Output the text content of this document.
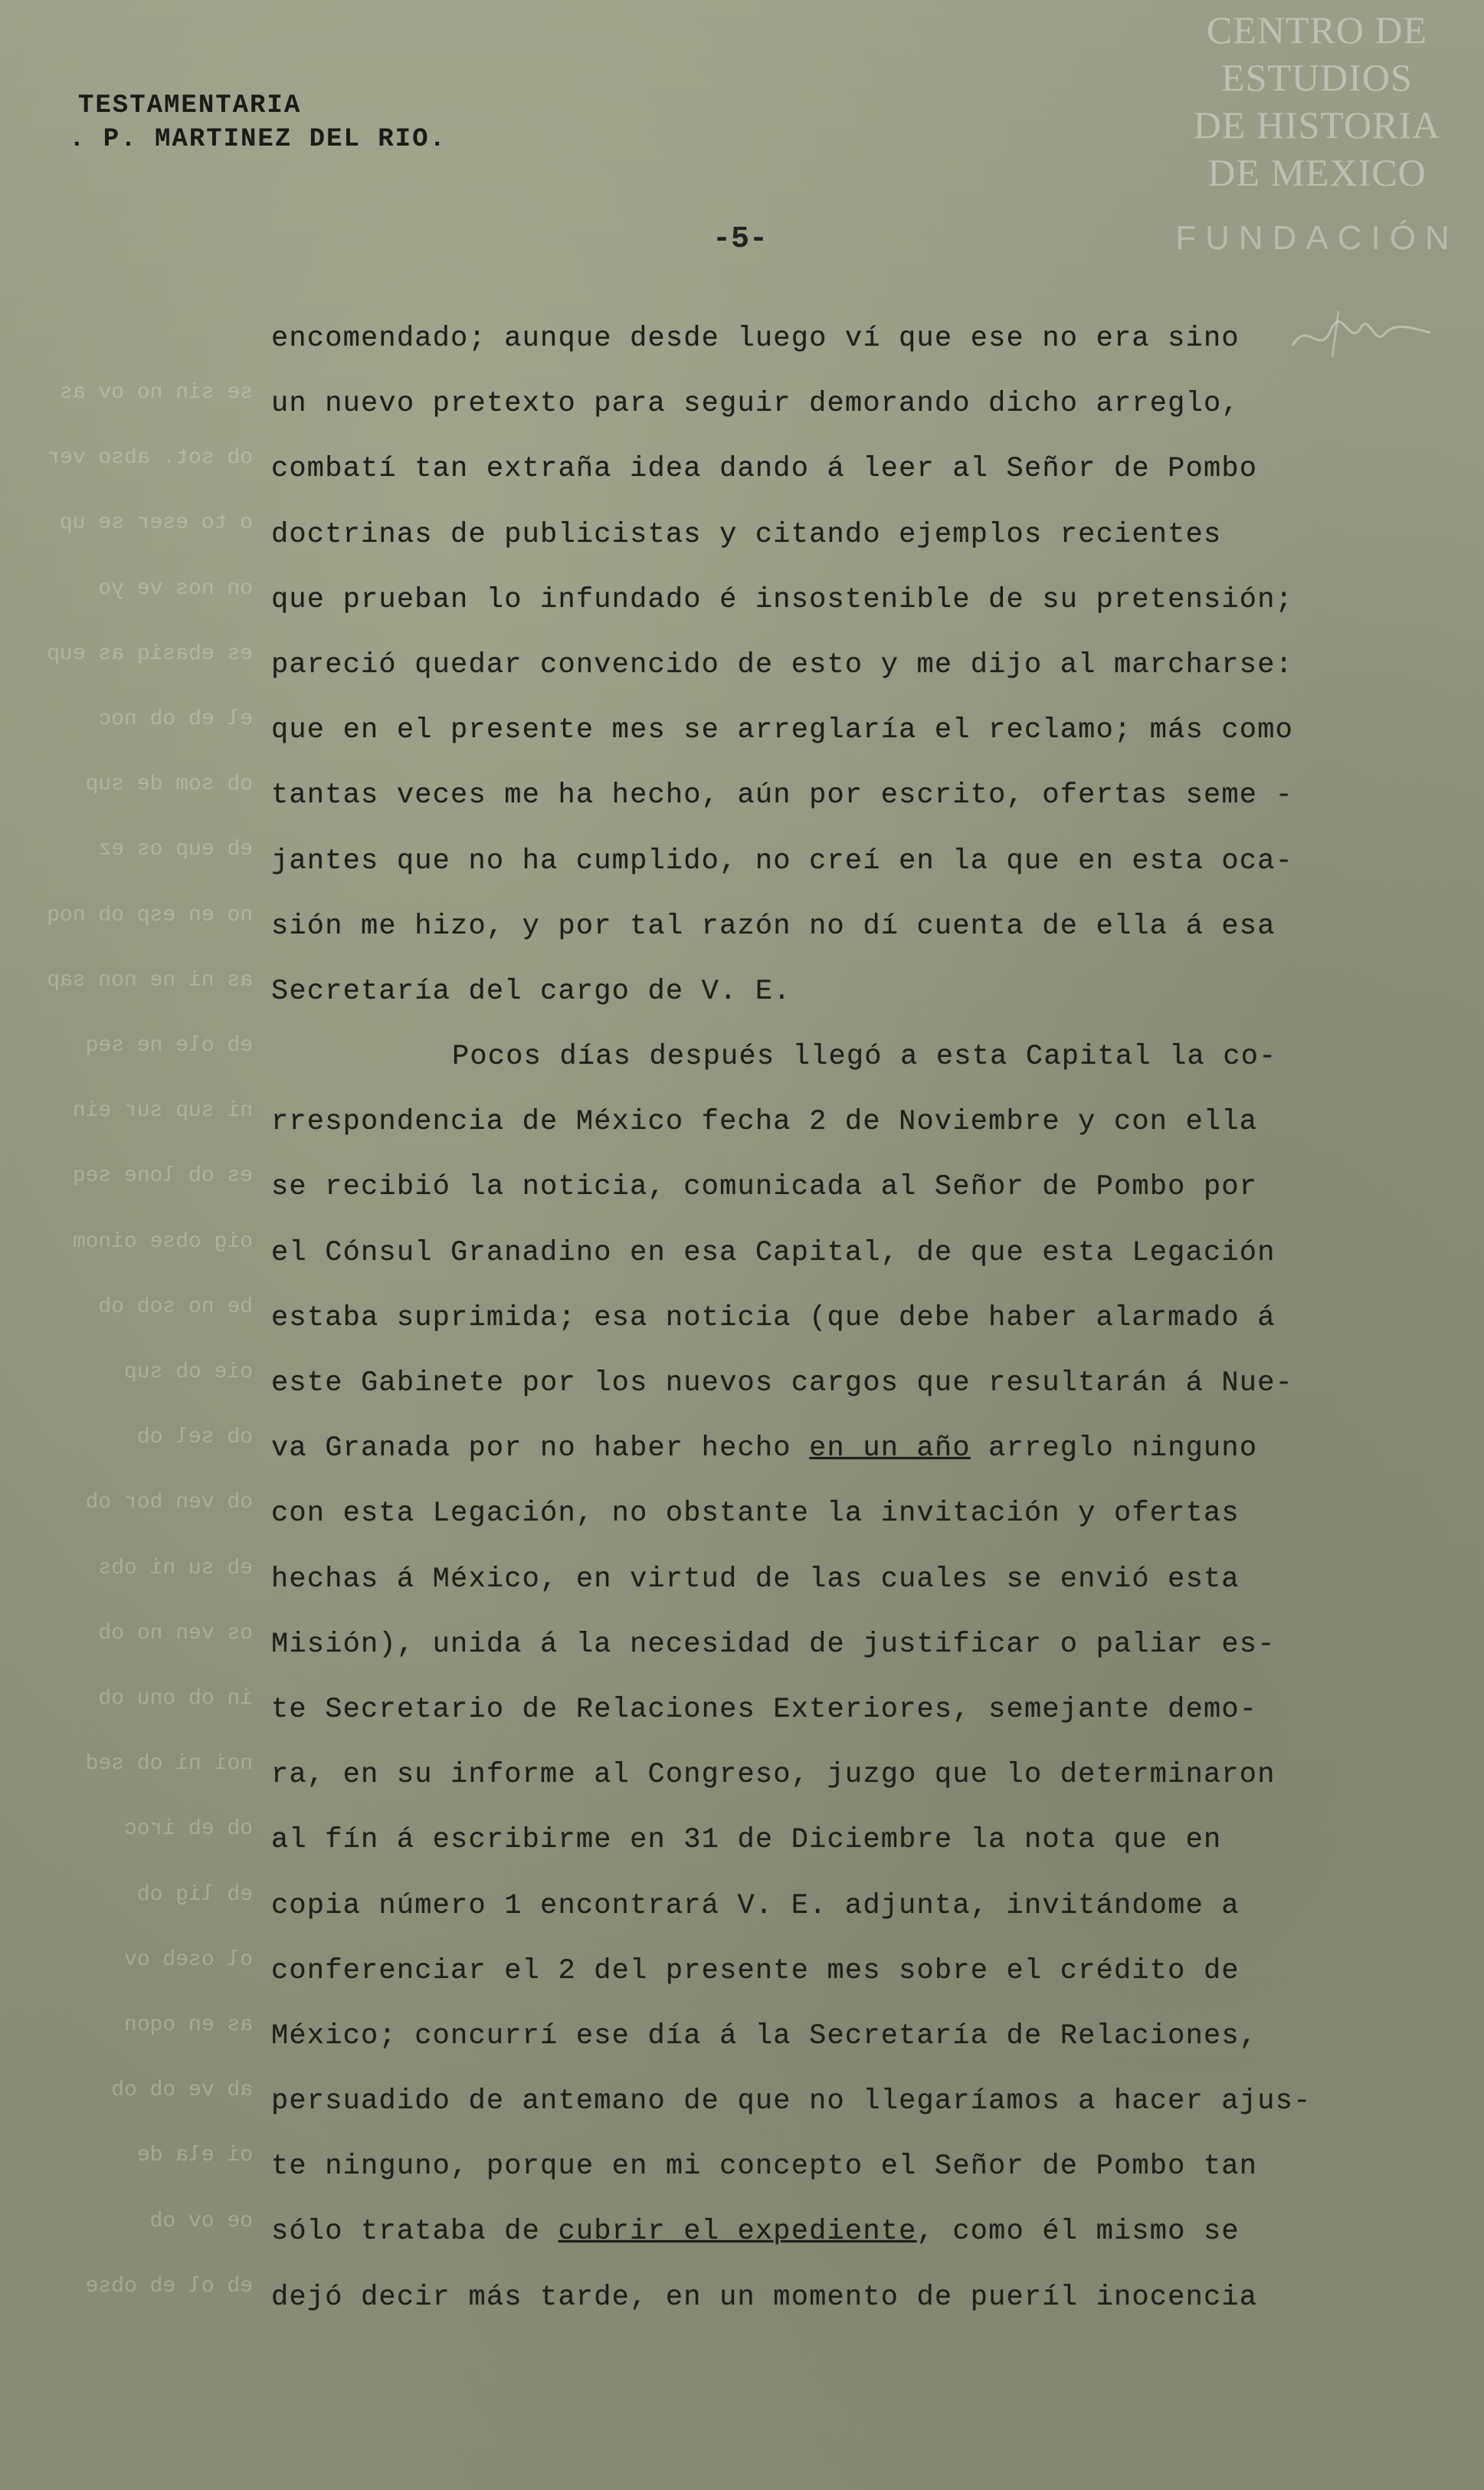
CENTRO DE
ESTUDIOS
DE HISTORIA
DE MEXICO
FUNDACIÓN
se sin no ov as
ob sot. abso ver
o to eser se up
on nos ve yo
es ebasiq as eup
el eb ob noc
ob som de sup
eb eup os ez
no en esp ob noq
as ni ne non sap
eb ole ne seq
ni sup sur ein
es ob lone seq
oig obse oinom
be no sob ob
oie ob sup
ob sel ob
ob ven bor ob
eb su ni obs
os ven no ob
in ob onu ob
noi ni ob sed
ob eb iroc
eb lig ob
ol oseb ov
as en oqon
ab ve ob ob
oi ela de
oe ov ob
eb ol eb obse
TESTAMENTARIA
. P. MARTINEZ DEL RIO.
-5-
encomendado; aunque desde luego ví que ese no era sino
un nuevo pretexto para seguir demorando dicho arreglo,
combatí tan extraña idea dando á leer al Señor de Pombo
doctrinas de publicistas y citando ejemplos recientes
que prueban lo infundado é insostenible de su pretensión;
pareció quedar convencido de esto y me dijo al marcharse:
que en el presente mes se arreglaría el reclamo; más como
tantas veces me ha hecho, aún por escrito, ofertas seme -
jantes que no ha cumplido, no creí en la que en esta oca-
sión me hizo, y por tal razón no dí cuenta de ella á esa
Secretaría del cargo de V. E.
Pocos días después llegó a esta Capital la co-
rrespondencia de México fecha 2 de Noviembre y con ella
se recibió la noticia, comunicada al Señor de Pombo por
el Cónsul Granadino en esa Capital, de que esta Legación
estaba suprimida; esa noticia (que debe haber alarmado á
este Gabinete por los nuevos cargos que resultarán á Nue-
va Granada por no haber hecho en un año arreglo ninguno
con esta Legación, no obstante la invitación y ofertas
hechas á México, en virtud de las cuales se envió esta
Misión), unida á la necesidad de justificar o paliar es-
te Secretario de Relaciones Exteriores, semejante demo-
ra, en su informe al Congreso, juzgo que lo determinaron
al fín á escribirme en 31 de Diciembre la nota que en
copia número 1 encontrará V. E. adjunta, invitándome a
conferenciar el 2 del presente mes sobre el crédito de
México; concurrí ese día á la Secretaría de Relaciones,
persuadido de antemano de que no llegaríamos a hacer ajus-
te ninguno, porque en mi concepto el Señor de Pombo tan
sólo trataba de cubrir el expediente, como él mismo se
dejó decir más tarde, en un momento de pueríl inocencia
